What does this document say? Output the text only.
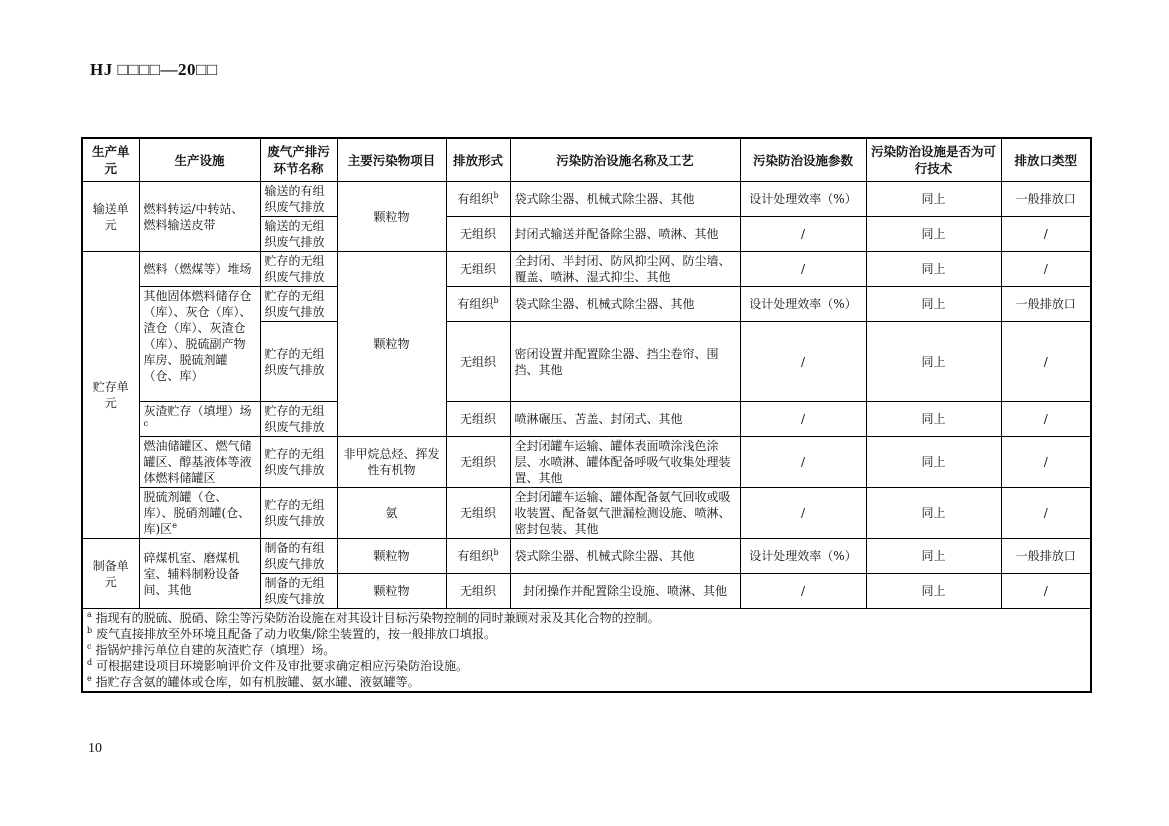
HJ □□□□—20□□
生产单元	生产设施	废气产排污环节名称	主要污染物项目	排放形式	污染防治设施名称及工艺	污染防治设施参数	污染防治设施是否为可行技术	排放口类型
输送单元	燃料转运/中转站、燃料输送皮带	输送的有组织废气排放	颗粒物	有组织$^b$	袋式除尘器、机械式除尘器、其他	设计处理效率（%）	同上	一般排放口
		输送的无组织废气排放		无组织	封闭式输送并配备除尘器、喷淋、其他	/	同上	/
贮存单元	燃料（燃煤等）堆场	贮存的无组织废气排放	颗粒物	无组织	全封闭、半封闭、防风抑尘网、防尘墙、覆盖、喷淋、湿式抑尘、其他	/	同上	/
	其他固体燃料储存仓（库）、灰仓（库）、渣仓（库）、灰渣仓（库）、脱硫副产物库房、脱硫剂罐（仓、库）	贮存的无组织废气排放		有组织$^b$	袋式除尘器、机械式除尘器、其他	设计处理效率（%）	同上	一般排放口
		贮存的无组织废气排放		无组织	密闭设置并配置除尘器、挡尘卷帘、围挡、其他	/	同上	/
	灰渣贮存（填埋）场$^c$	贮存的无组织废气排放		无组织	喷淋碾压、苫盖、封闭式、其他	/	同上	/
	燃油储罐区、燃气储罐区、醇基液体等液体燃料储罐区	贮存的无组织废气排放	非甲烷总烃、挥发性有机物	无组织	全封闭罐车运输、罐体表面喷涂浅色涂层、水喷淋、罐体配备呼吸气收集处理装置、其他	/	同上	/
	脱硫剂罐（仓、库）、脱硝剂罐(仓、库)区$^e$	贮存的无组织废气排放	氨	无组织	全封闭罐车运输、罐体配备氨气回收或吸收装置、配备氨气泄漏检测设施、喷淋、密封包装、其他	/	同上	/
制备单元	碎煤机室、磨煤机室、辅料制粉设备间、其他	制备的有组织废气排放	颗粒物	有组织$^b$	袋式除尘器、机械式除尘器、其他	设计处理效率（%）	同上	一般排放口
		制备的无组织废气排放	颗粒物	无组织	封闭操作并配置除尘设施、喷淋、其他	/	同上	/

$^a$ 指现有的脱硫、脱硝、除尘等污染防治设施在对其设计目标污染物控制的同时兼顾对汞及其化合物的控制。
$^b$ 废气直接排放至外环境且配备了动力收集/除尘装置的，按一般排放口填报。
$^c$ 指锅炉排污单位自建的灰渣贮存（填埋）场。
$^d$ 可根据建设项目环境影响评价文件及审批要求确定相应污染防治设施。
$^e$ 指贮存含氨的罐体或仓库，如有机胺罐、氨水罐、液氨罐等。								
10
